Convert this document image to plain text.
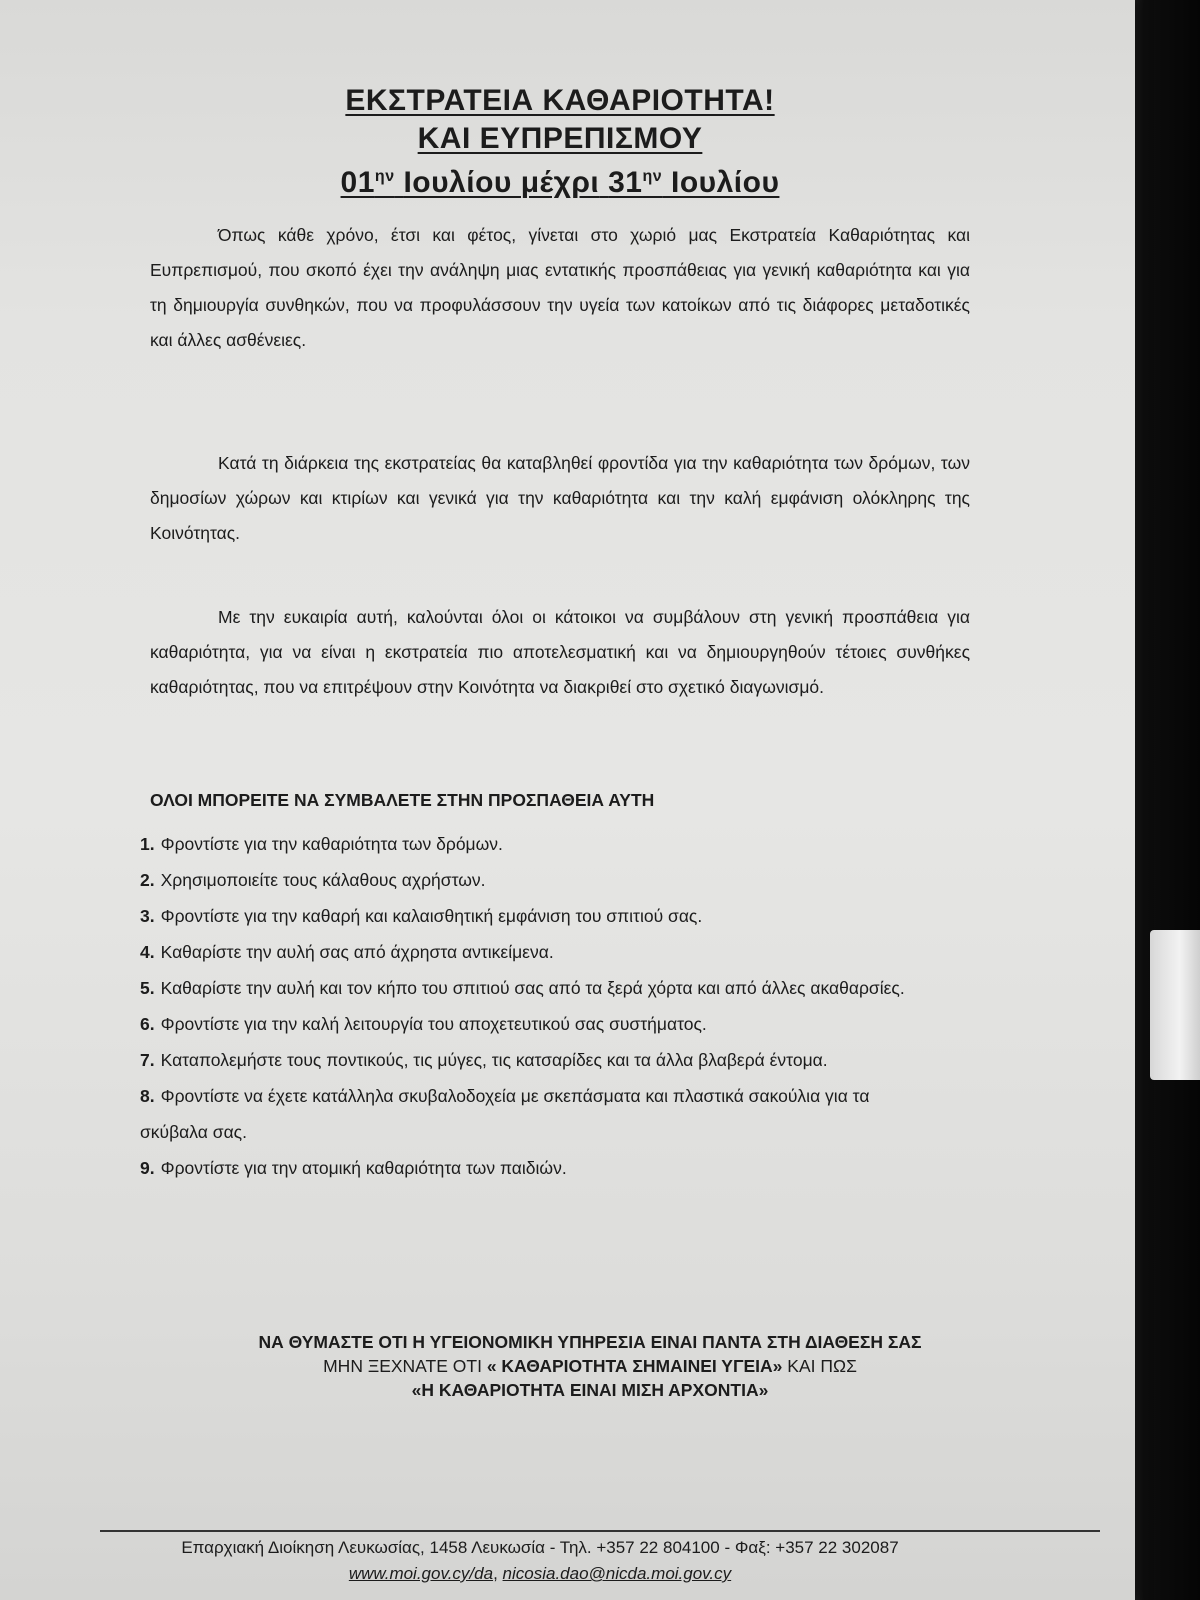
ΕΚΣΤΡΑΤΕΙΑ ΚΑΘΑΡΙΟΤΗΤΑ!
ΚΑΙ ΕΥΠΡΕΠΙΣΜΟΥ
$01^{\eta\nu}$ Ιουλίου μέχρι $31^{\eta\nu}$ Ιουλίου

Όπως κάθε χρόνο, έτσι και φέτος, γίνεται στο χωριό μας Εκστρατεία Καθαριότητας και Ευπρεπισμού, που σκοπό έχει την ανάληψη μιας εντατικής προσπάθειας για γενική καθαριότητα και για τη δημιουργία συνθηκών, που να προφυλάσσουν την υγεία των κατοίκων από τις διάφορες μεταδοτικές και άλλες ασθένειες.

Κατά τη διάρκεια της εκστρατείας θα καταβληθεί φροντίδα για την καθαριότητα των δρόμων, των δημοσίων χώρων και κτιρίων και γενικά για την καθαριότητα και την καλή εμφάνιση ολόκληρης της Κοινότητας.

Με την ευκαιρία αυτή, καλούνται όλοι οι κάτοικοι να συμβάλουν στη γενική προσπάθεια για καθαριότητα, για να είναι η εκστρατεία πιο αποτελεσματική και να δημιουργηθούν τέτοιες συνθήκες καθαριότητας, που να επιτρέψουν στην Κοινότητα να διακριθεί στο σχετικό διαγωνισμό.

ΟΛΟΙ ΜΠΟΡΕΙΤΕ ΝΑ ΣΥΜΒΑΛΕΤΕ ΣΤΗΝ ΠΡΟΣΠΑΘΕΙΑ ΑΥΤΗ
1. Φροντίστε για την καθαριότητα των δρόμων.
2. Χρησιμοποιείτε τους κάλαθους αχρήστων.
3. Φροντίστε για την καθαρή και καλαισθητική εμφάνιση του σπιτιού σας.
4. Καθαρίστε την αυλή σας από άχρηστα αντικείμενα.
5. Καθαρίστε την αυλή και τον κήπο του σπιτιού σας από τα ξερά χόρτα και από άλλες ακαθαρσίες.
6. Φροντίστε για την καλή λειτουργία του αποχετευτικού σας συστήματος.
7. Καταπολεμήστε τους ποντικούς, τις μύγες, τις κατσαρίδες και τα άλλα βλαβερά έντομα.
8. Φροντίστε να έχετε κατάλληλα σκυβαλοδοχεία με σκεπάσματα και πλαστικά σακούλια για τα σκύβαλα σας.
9. Φροντίστε για την ατομική καθαριότητα των παιδιών.
ΝΑ ΘΥΜΑΣΤΕ ΟΤΙ Η ΥΓΕΙΟΝΟΜΙΚΗ ΥΠΗΡΕΣΙΑ ΕΙΝΑΙ ΠΑΝΤΑ ΣΤΗ ΔΙΑΘΕΣΗ ΣΑΣ
ΜΗΝ ΞΕΧΝΑΤΕ ΟΤΙ « ΚΑΘΑΡΙΟΤΗΤΑ ΣΗΜΑΙΝΕΙ ΥΓΕΙΑ» ΚΑΙ ΠΩΣ
«Η ΚΑΘΑΡΙΟΤΗΤΑ ΕΙΝΑΙ ΜΙΣΗ ΑΡΧΟΝΤΙΑ»
Επαρχιακή Διοίκηση Λευκωσίας, 1458 Λευκωσία - Τηλ. +357 22 804100 - Φαξ: +357 22 302087
www.moi.gov.cy/da, nicosia.dao@nicda.moi.gov.cy
